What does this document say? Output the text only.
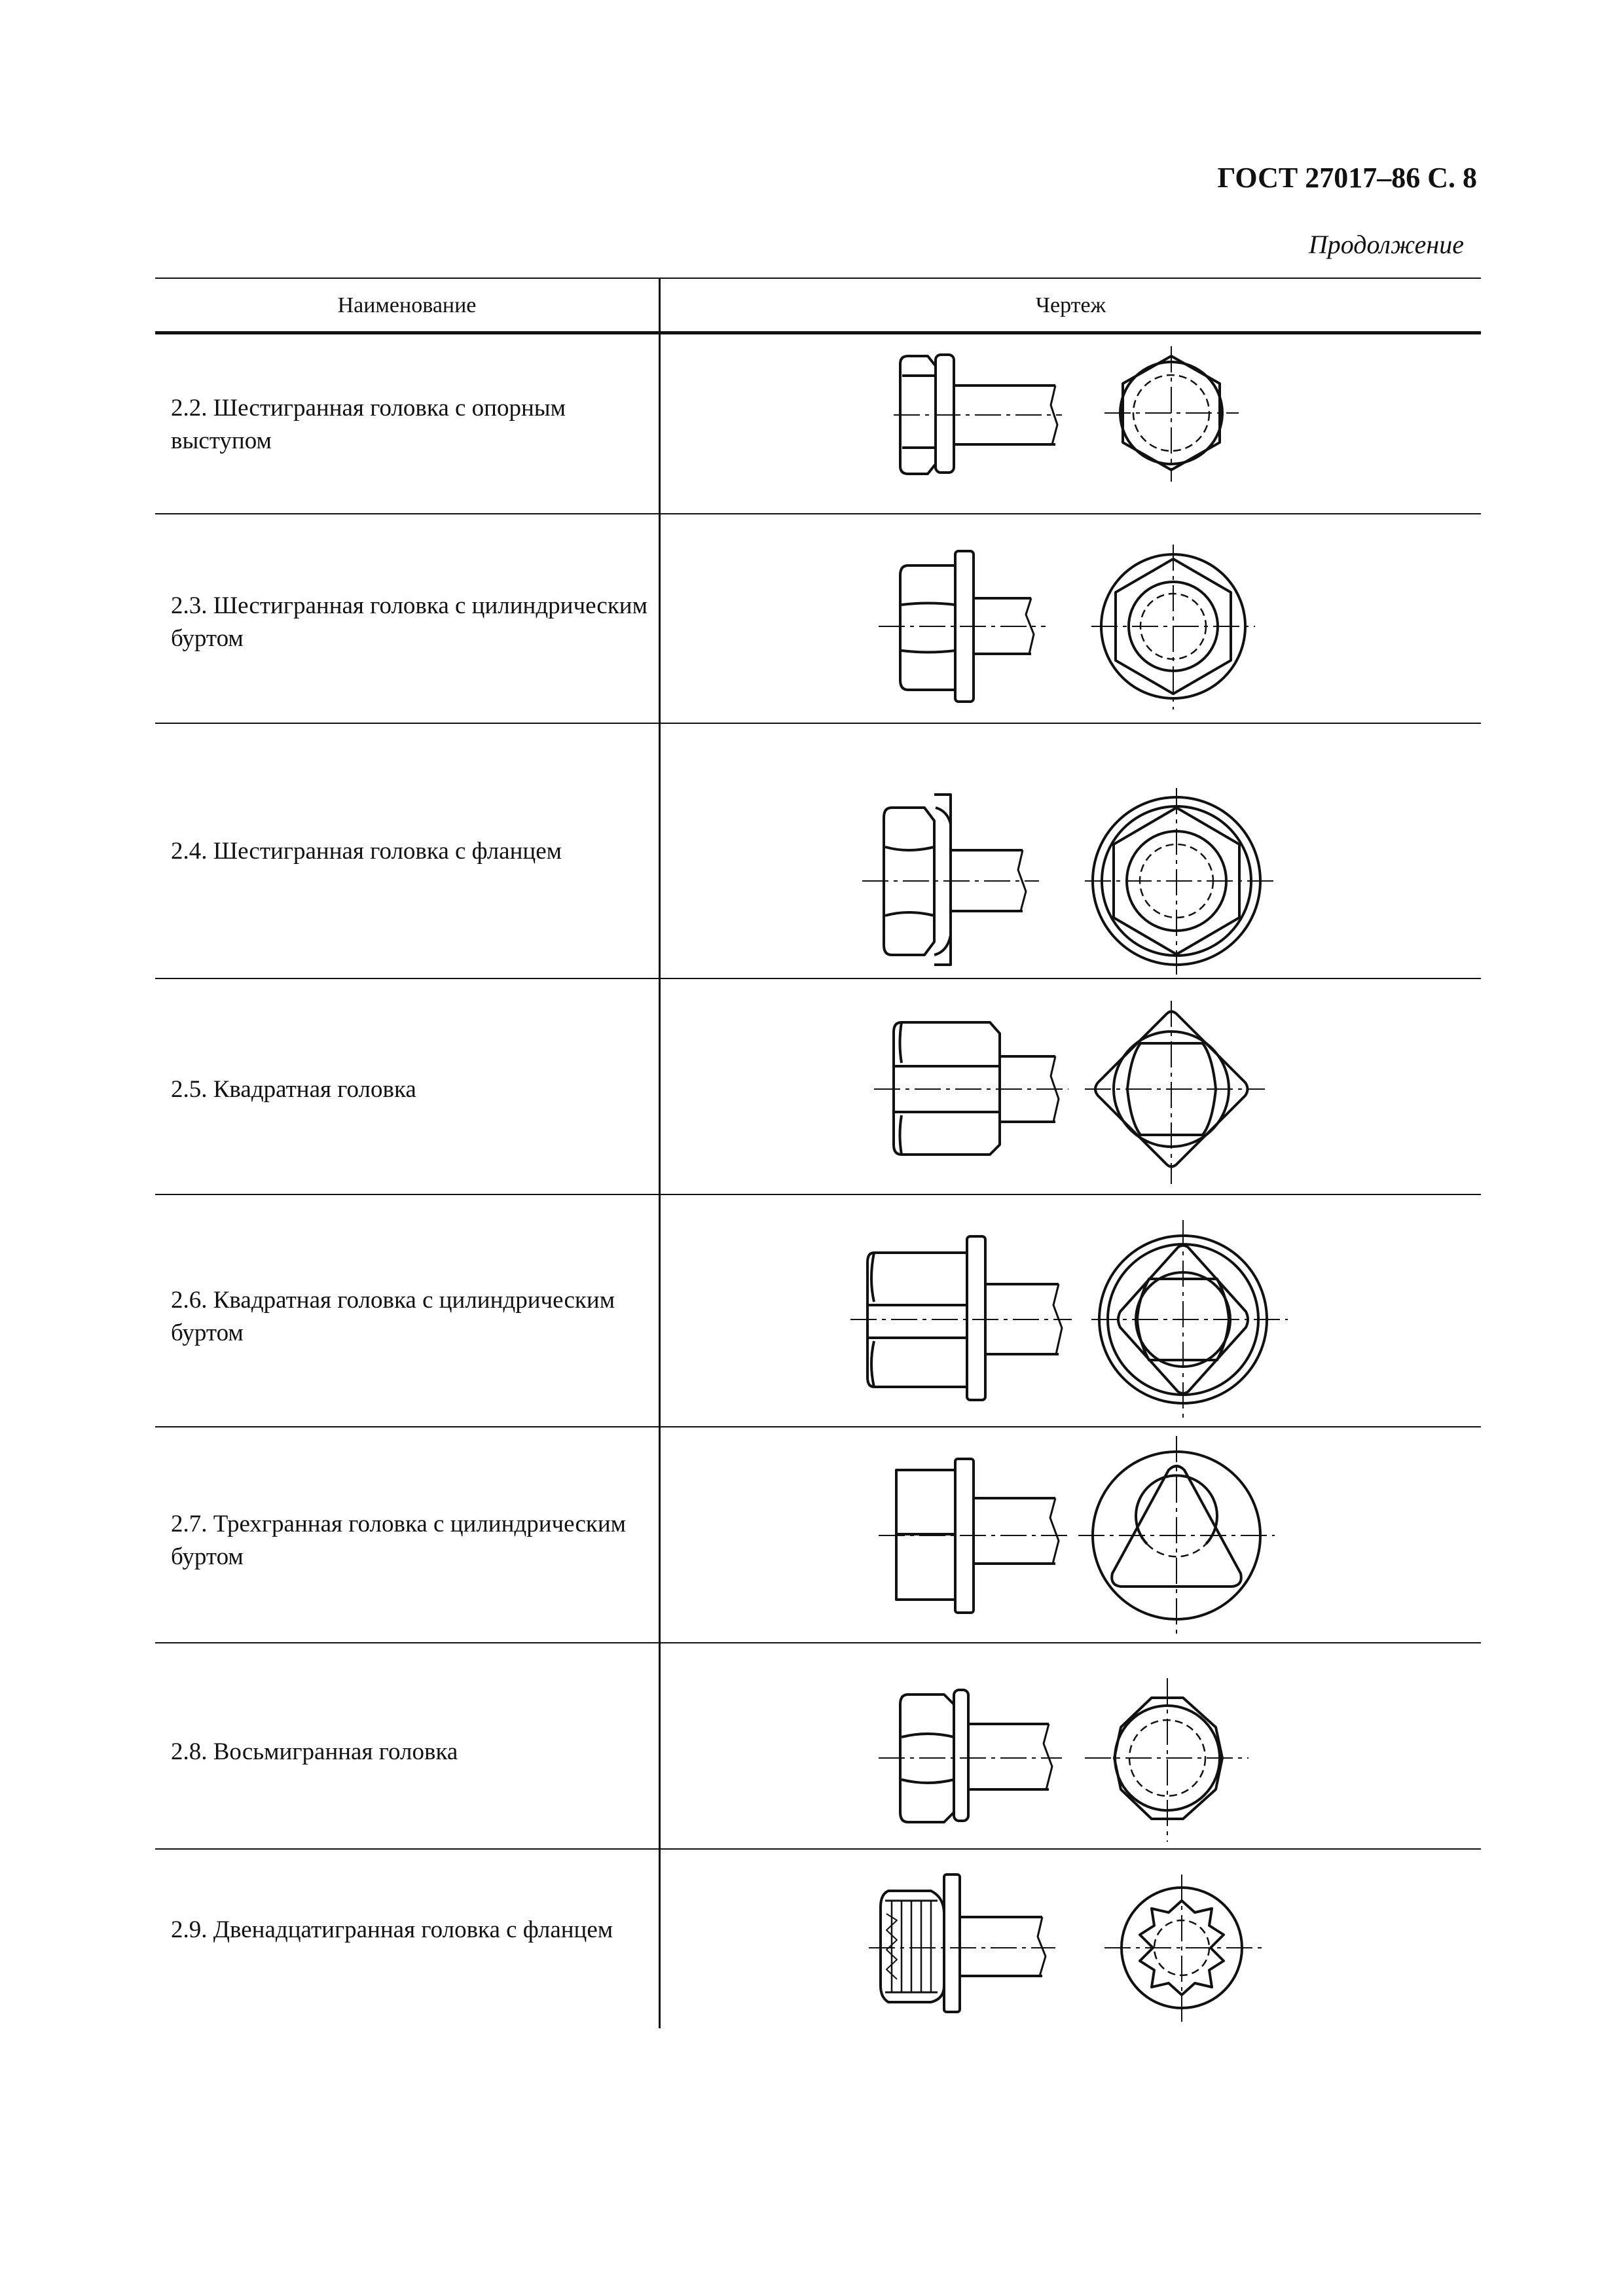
ГОСТ 27017–86 С. 8
Продолжение
Наименование	Чертеж
2.2. Шестигранная головка с опорным выступом
2.3. Шестигранная головка с цилиндрическим буртом
2.4. Шестигранная головка с фланцем
2.5. Квадратная головка
2.6. Квадратная головка с цилиндрическим буртом
2.7. Трехгранная головка с цилиндрическим буртом
2.8. Восьмигранная головка
2.9. Двенадцатигранная головка с фланцем
